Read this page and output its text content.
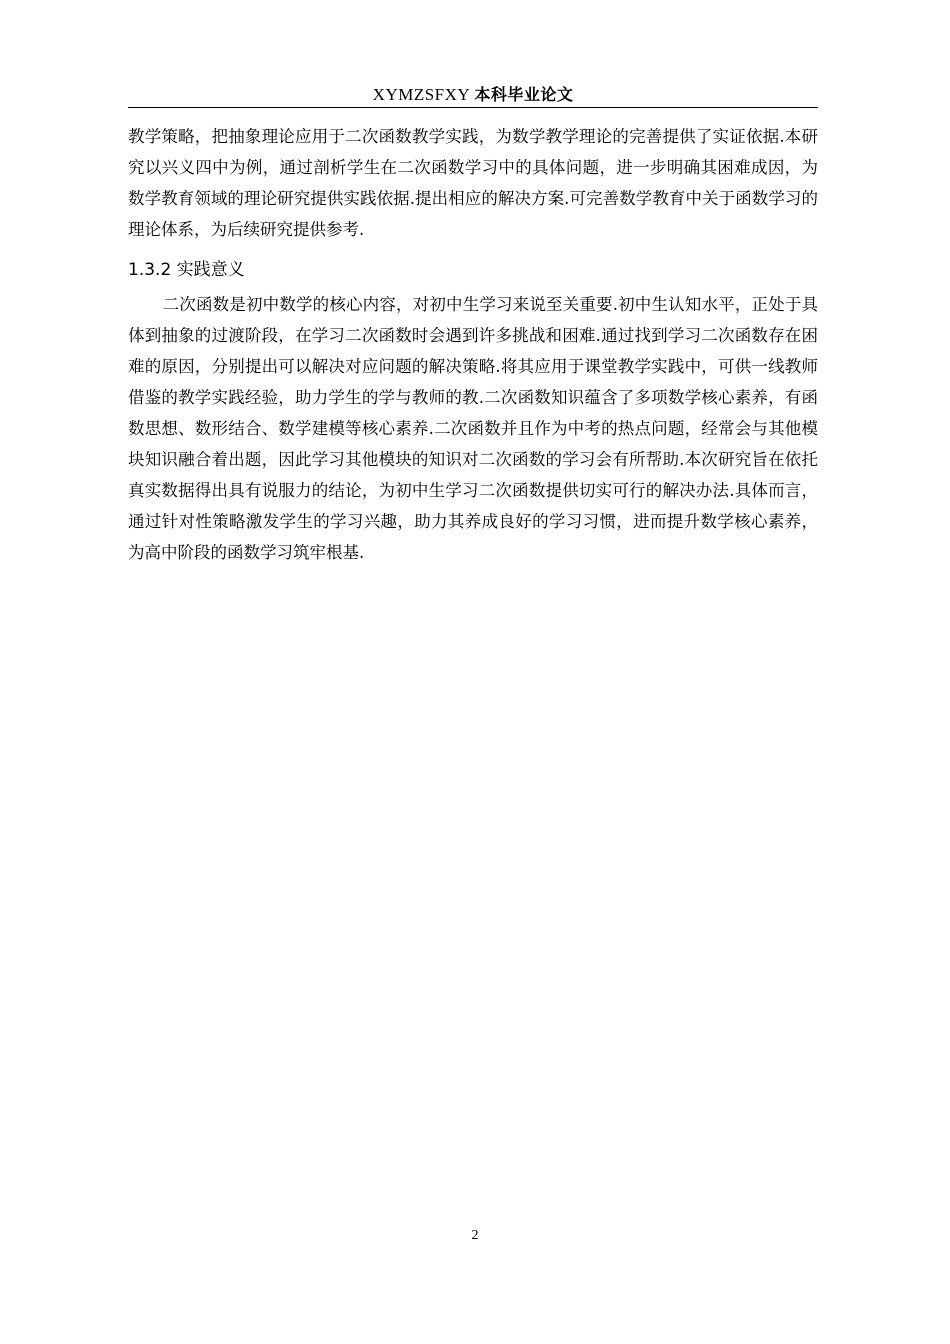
XYMZSFXY 本科毕业论文

教学策略，把抽象理论应用于二次函数教学实践，为数学教学理论的完善提供了实证依据.本研究以兴义四中为例，通过剖析学生在二次函数学习中的具体问题，进一步明确其困难成因，为数学教育领域的理论研究提供实践依据.提出相应的解决方案.可完善数学教育中关于函数学习的理论体系，为后续研究提供参考.

1.3.2 实践意义

二次函数是初中数学的核心内容，对初中生学习来说至关重要.初中生认知水平，正处于具体到抽象的过渡阶段，在学习二次函数时会遇到许多挑战和困难.通过找到学习二次函数存在困难的原因，分别提出可以解决对应问题的解决策略.将其应用于课堂教学实践中，可供一线教师借鉴的教学实践经验，助力学生的学与教师的教.二次函数知识蕴含了多项数学核心素养，有函数思想、数形结合、数学建模等核心素养.二次函数并且作为中考的热点问题，经常会与其他模块知识融合着出题，因此学习其他模块的知识对二次函数的学习会有所帮助.本次研究旨在依托真实数据得出具有说服力的结论，为初中生学习二次函数提供切实可行的解决办法.具体而言，通过针对性策略激发学生的学习兴趣，助力其养成良好的学习习惯，进而提升数学核心素养，为高中阶段的函数学习筑牢根基.

2
